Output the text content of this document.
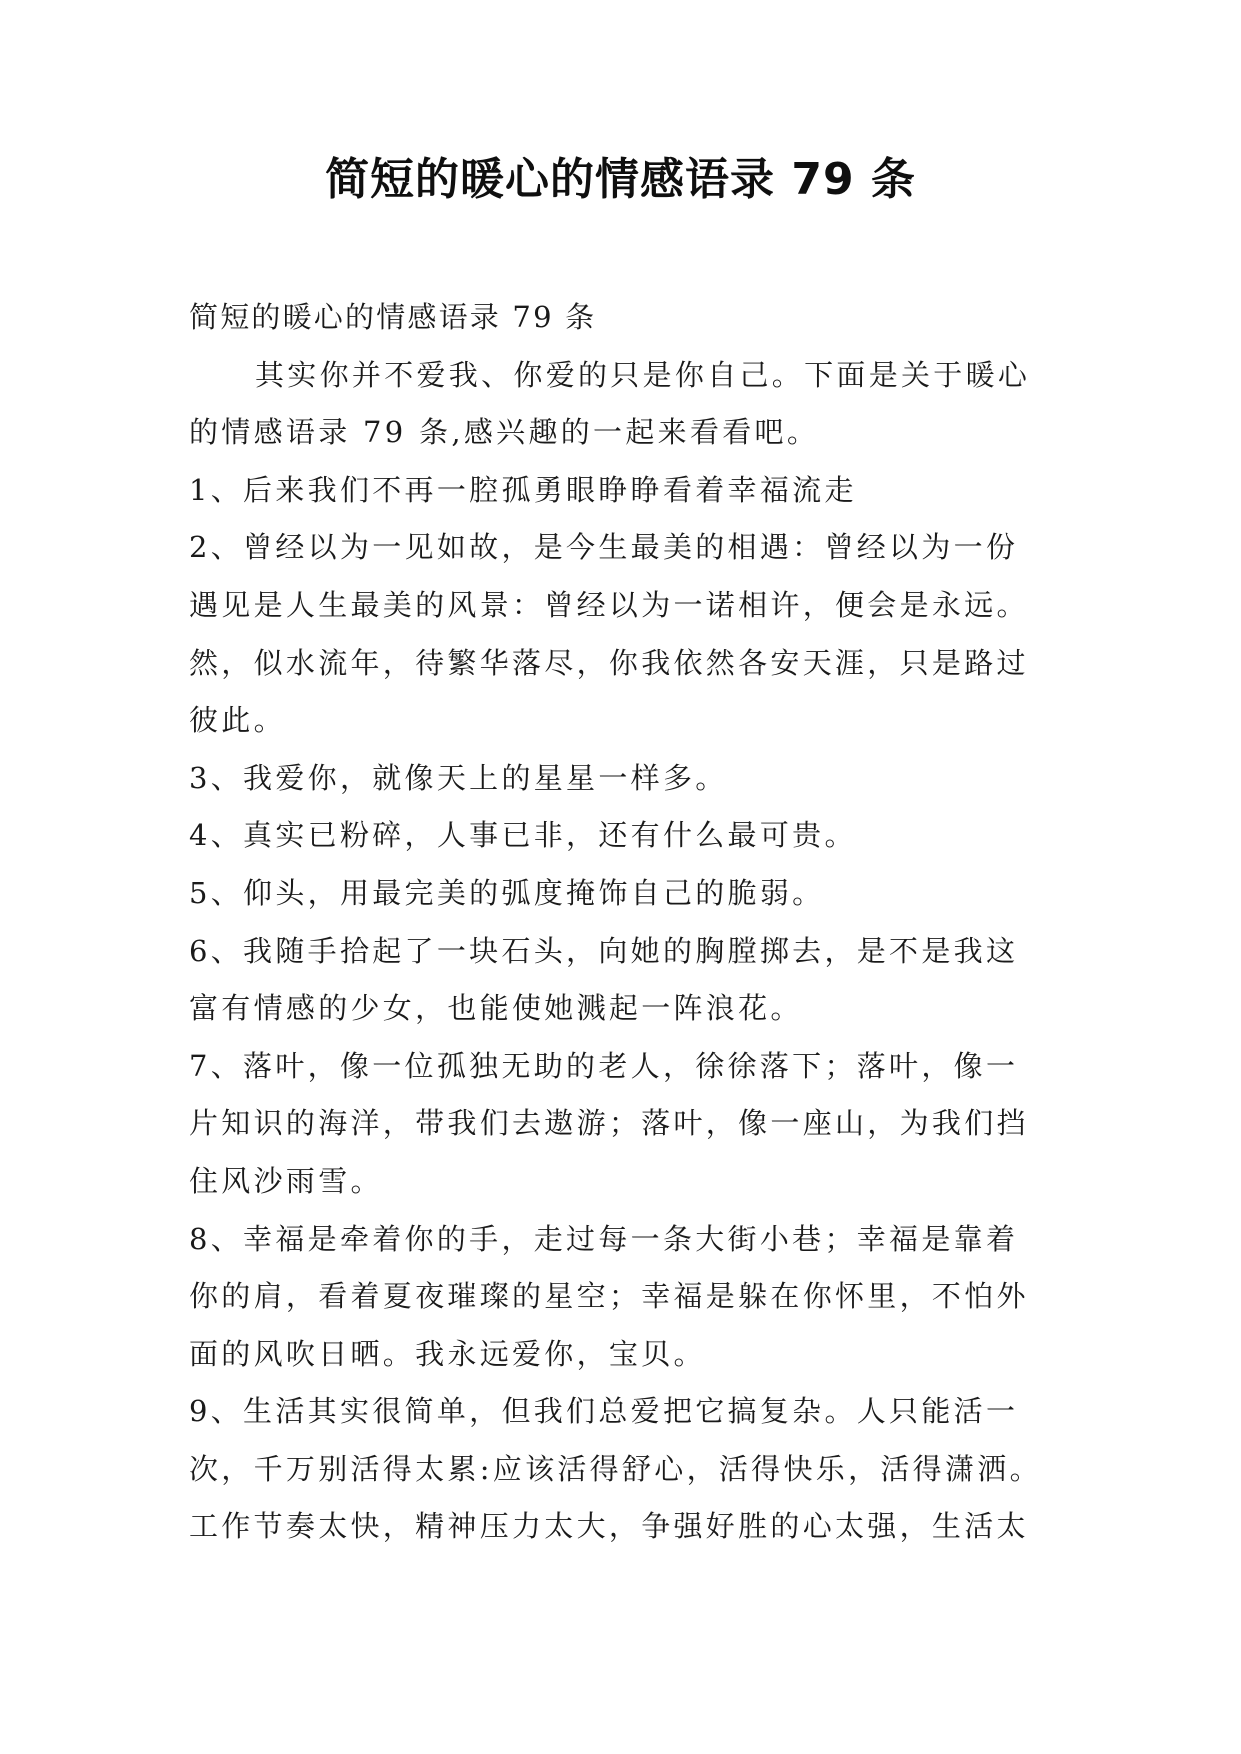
简短的暖心的情感语录 79 条
简短的暖心的情感语录 79 条
其实你并不爱我、你爱的只是你自己。下面是关于暖心
的情感语录 79 条,感兴趣的一起来看看吧。
1、后来我们不再一腔孤勇眼睁睁看着幸福流走
2、曾经以为一见如故，是今生最美的相遇：曾经以为一份
遇见是人生最美的风景：曾经以为一诺相许，便会是永远。
然，似水流年，待繁华落尽，你我依然各安天涯，只是路过
彼此。
3、我爱你，就像天上的星星一样多。
4、真实已粉碎，人事已非，还有什么最可贵。
5、仰头，用最完美的弧度掩饰自己的脆弱。
6、我随手拾起了一块石头，向她的胸膛掷去，是不是我这
富有情感的少女，也能使她溅起一阵浪花。
7、落叶，像一位孤独无助的老人，徐徐落下；落叶，像一
片知识的海洋，带我们去遨游；落叶，像一座山，为我们挡
住风沙雨雪。
8、幸福是牵着你的手，走过每一条大街小巷；幸福是靠着
你的肩，看着夏夜璀璨的星空；幸福是躲在你怀里，不怕外
面的风吹日晒。我永远爱你，宝贝。
9、生活其实很简单，但我们总爱把它搞复杂。人只能活一
次，千万别活得太累:应该活得舒心，活得快乐，活得潇洒。
工作节奏太快，精神压力太大，争强好胜的心太强，生活太
